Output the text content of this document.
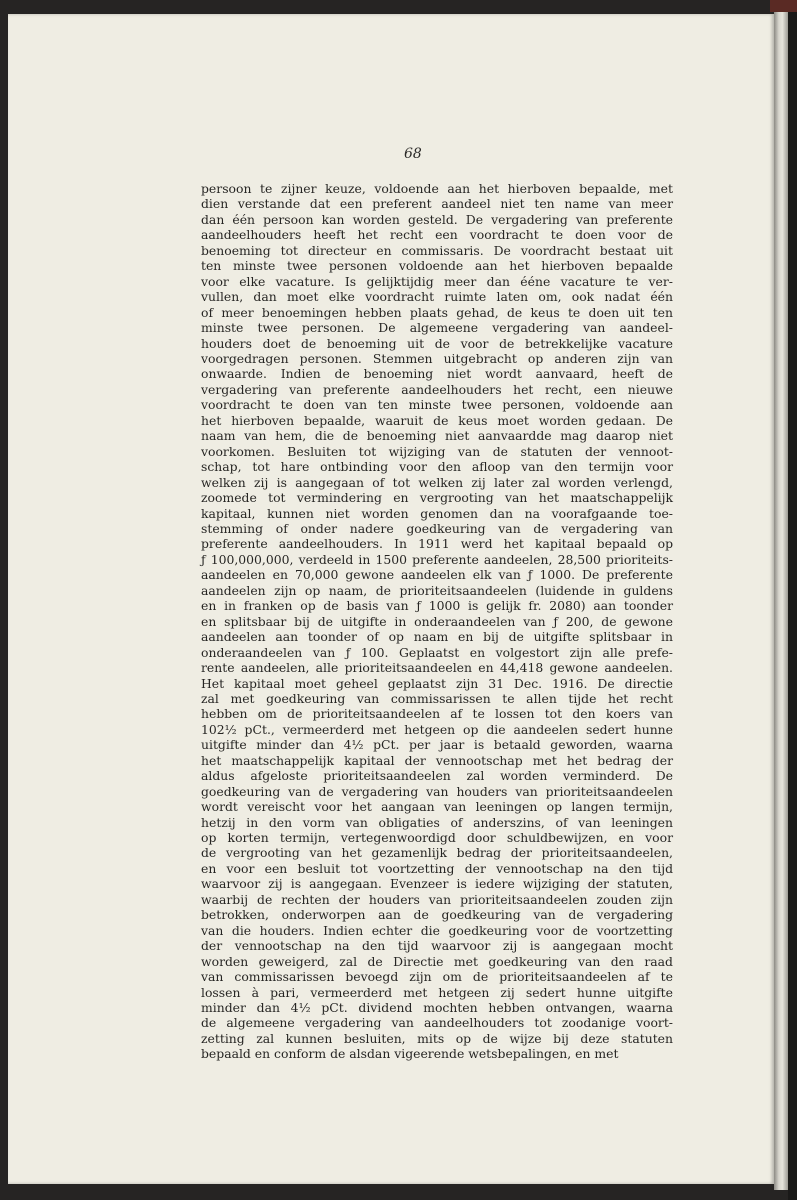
68
persoon te zijner keuze, voldoende aan het hierboven bepaalde, met
dien verstande dat een preferent aandeel niet ten name van meer
dan één persoon kan worden gesteld. De vergadering van preferente
aandeelhouders heeft het recht een voordracht te doen voor de
benoeming tot directeur en commissaris. De voordracht bestaat uit
ten minste twee personen voldoende aan het hierboven bepaalde
voor elke vacature. Is gelijktijdig meer dan ééne vacature te ver-
vullen, dan moet elke voordracht ruimte laten om, ook nadat één
of meer benoemingen hebben plaats gehad, de keus te doen uit ten
minste twee personen. De algemeene vergadering van aandeel-
houders doet de benoeming uit de voor de betrekkelijke vacature
voorgedragen personen. Stemmen uitgebracht op anderen zijn van
onwaarde. Indien de benoeming niet wordt aanvaard, heeft de
vergadering van preferente aandeelhouders het recht, een nieuwe
voordracht te doen van ten minste twee personen, voldoende aan
het hierboven bepaalde, waaruit de keus moet worden gedaan. De
naam van hem, die de benoeming niet aanvaardde mag daarop niet
voorkomen. Besluiten tot wijziging van de statuten der vennoot-
schap, tot hare ontbinding voor den afloop van den termijn voor
welken zij is aangegaan of tot welken zij later zal worden verlengd,
zoomede tot vermindering en vergrooting van het maatschappelijk
kapitaal, kunnen niet worden genomen dan na voorafgaande toe-
stemming of onder nadere goedkeuring van de vergadering van
preferente aandeelhouders. In 1911 werd het kapitaal bepaald op
ƒ 100,000,000, verdeeld in 1500 preferente aandeelen, 28,500 prioriteits-
aandeelen en 70,000 gewone aandeelen elk van ƒ 1000. De preferente
aandeelen zijn op naam, de prioriteitsaandeelen (luidende in guldens
en in franken op de basis van ƒ 1000 is gelijk fr. 2080) aan toonder
en splitsbaar bij de uitgifte in onderaandeelen van ƒ 200, de gewone
aandeelen aan toonder of op naam en bij de uitgifte splitsbaar in
onderaandeelen van ƒ 100. Geplaatst en volgestort zijn alle prefe-
rente aandeelen, alle prioriteitsaandeelen en 44,418 gewone aandeelen.
Het kapitaal moet geheel geplaatst zijn 31 Dec. 1916. De directie
zal met goedkeuring van commissarissen te allen tijde het recht
hebben om de prioriteitsaandeelen af te lossen tot den koers van
102½ pCt., vermeerderd met hetgeen op die aandeelen sedert hunne
uitgifte minder dan 4½ pCt. per jaar is betaald geworden, waarna
het maatschappelijk kapitaal der vennootschap met het bedrag der
aldus afgeloste prioriteitsaandeelen zal worden verminderd. De
goedkeuring van de vergadering van houders van prioriteitsaandeelen
wordt vereischt voor het aangaan van leeningen op langen termijn,
hetzij in den vorm van obligaties of anderszins, of van leeningen
op korten termijn, vertegenwoordigd door schuldbewijzen, en voor
de vergrooting van het gezamenlijk bedrag der prioriteitsaandeelen,
en voor een besluit tot voortzetting der vennootschap na den tijd
waarvoor zij is aangegaan. Evenzeer is iedere wijziging der statuten,
waarbij de rechten der houders van prioriteitsaandeelen zouden zijn
betrokken, onderworpen aan de goedkeuring van de vergadering
van die houders. Indien echter die goedkeuring voor de voortzetting
der vennootschap na den tijd waarvoor zij is aangegaan mocht
worden geweigerd, zal de Directie met goedkeuring van den raad
van commissarissen bevoegd zijn om de prioriteitsaandeelen af te
lossen à pari, vermeerderd met hetgeen zij sedert hunne uitgifte
minder dan 4½ pCt. dividend mochten hebben ontvangen, waarna
de algemeene vergadering van aandeelhouders tot zoodanige voort-
zetting zal kunnen besluiten, mits op de wijze bij deze statuten
bepaald en conform de alsdan vigeerende wetsbepalingen, en met
